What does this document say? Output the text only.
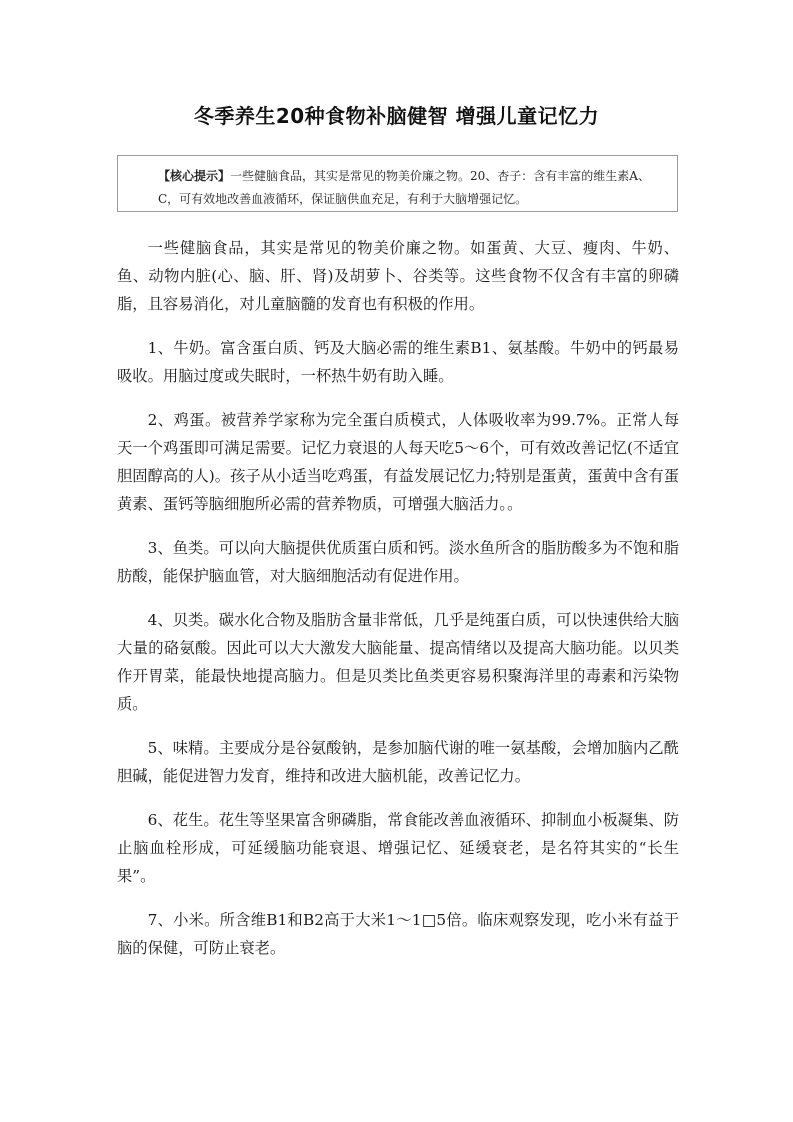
冬季养生20种食物补脑健智 增强儿童记忆力
【核心提示】一些健脑食品，其实是常见的物美价廉之物。20、杏子：含有丰富的维生素A、C，可有效地改善血液循环，保证脑供血充足，有利于大脑增强记忆。

一些健脑食品，其实是常见的物美价廉之物。如蛋黄、大豆、瘦肉、牛奶、鱼、动物内脏(心、脑、肝、肾)及胡萝卜、谷类等。这些食物不仅含有丰富的卵磷脂，且容易消化，对儿童脑髓的发育也有积极的作用。

1、牛奶。富含蛋白质、钙及大脑必需的维生素B1、氨基酸。牛奶中的钙最易吸收。用脑过度或失眠时，一杯热牛奶有助入睡。

2、鸡蛋。被营养学家称为完全蛋白质模式，人体吸收率为99.7%。正常人每天一个鸡蛋即可满足需要。记忆力衰退的人每天吃5～6个，可有效改善记忆(不适宜胆固醇高的人)。孩子从小适当吃鸡蛋，有益发展记忆力;特别是蛋黄，蛋黄中含有蛋黄素、蛋钙等脑细胞所必需的营养物质，可增强大脑活力。。

3、鱼类。可以向大脑提供优质蛋白质和钙。淡水鱼所含的脂肪酸多为不饱和脂肪酸，能保护脑血管，对大脑细胞活动有促进作用。

4、贝类。碳水化合物及脂肪含量非常低，几乎是纯蛋白质，可以快速供给大脑大量的硌氨酸。因此可以大大激发大脑能量、提高情绪以及提高大脑功能。以贝类作开胃菜，能最快地提高脑力。但是贝类比鱼类更容易积聚海洋里的毒素和污染物质。

5、味精。主要成分是谷氨酸钠，是参加脑代谢的唯一氨基酸，会增加脑内乙酰胆碱，能促进智力发育，维持和改进大脑机能，改善记忆力。

6、花生。花生等坚果富含卵磷脂，常食能改善血液循环、抑制血小板凝集、防止脑血栓形成，可延缓脑功能衰退、增强记忆、延缓衰老，是名符其实的“长生果”。

7、小米。所含维B1和B2高于大米1～1□5倍。临床观察发现，吃小米有益于脑的保健，可防止衰老。
